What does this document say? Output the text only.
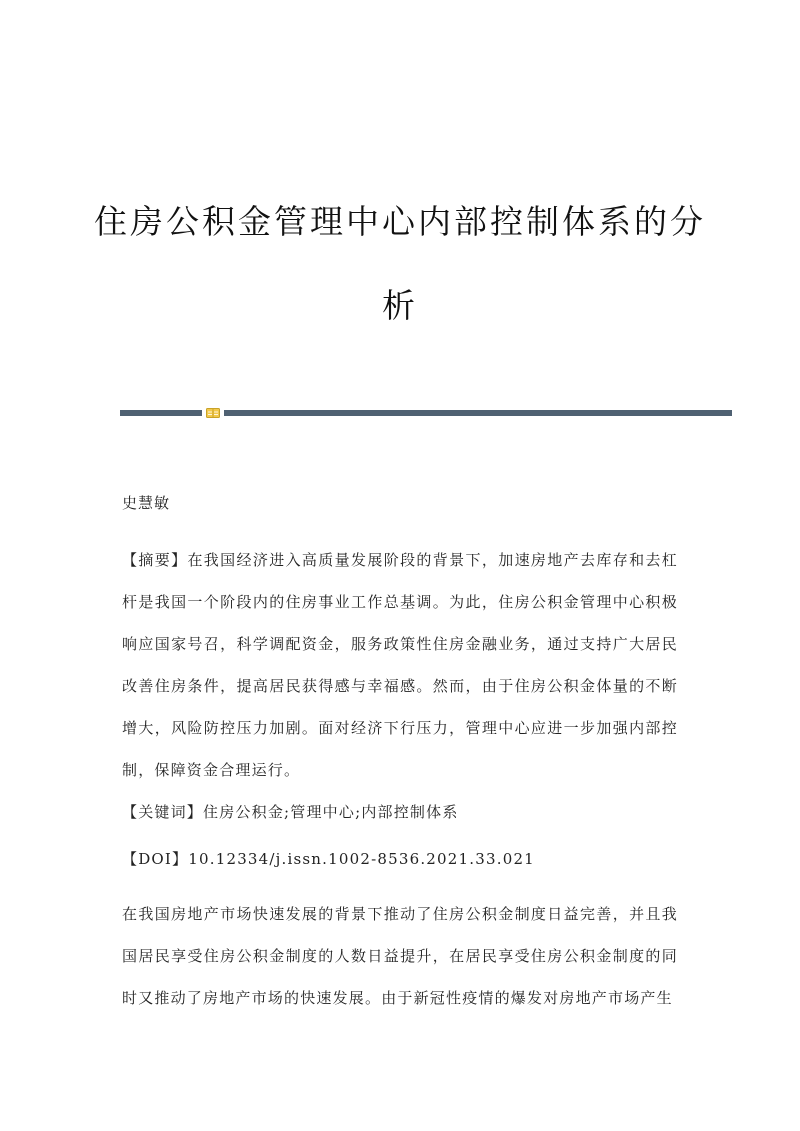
住房公积金管理中心内部控制体系的分
析
史慧敏
【摘要】在我国经济进入高质量发展阶段的背景下，加速房地产去库存和去杠杆是我国一个阶段内的住房事业工作总基调。为此，住房公积金管理中心积极响应国家号召，科学调配资金，服务政策性住房金融业务，通过支持广大居民改善住房条件，提高居民获得感与幸福感。然而，由于住房公积金体量的不断增大，风险防控压力加剧。面对经济下行压力，管理中心应进一步加强内部控制，保障资金合理运行。
【关键词】住房公积金;管理中心;内部控制体系
【DOI】10.12334/j.issn.1002-8536.2021.33.021
在我国房地产市场快速发展的背景下推动了住房公积金制度日益完善，并且我国居民享受住房公积金制度的人数日益提升，在居民享受住房公积金制度的同时又推动了房地产市场的快速发展。由于新冠性疫情的爆发对房地产市场产生
